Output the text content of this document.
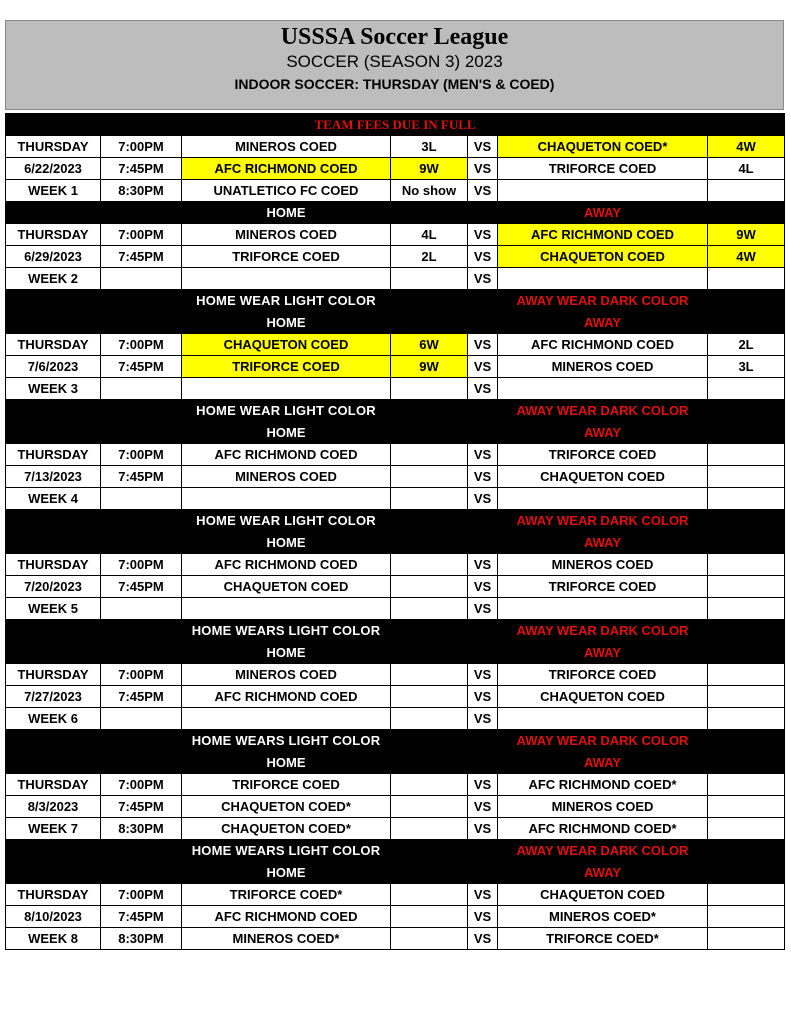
USSSA Soccer League
SOCCER (SEASON 3) 2023
INDOOR SOCCER: THURSDAY (MEN'S & COED)
TEAM FEES DUE IN FULL						
THURSDAY	7:00PM	MINEROS COED	3L	VS	CHAQUETON COED*	4W
6/22/2023	7:45PM	AFC RICHMOND COED	9W	VS	TRIFORCE COED	4L
WEEK 1	8:30PM	UNATLETICO FC COED	No show	VS		
		HOME			AWAY	
THURSDAY	7:00PM	MINEROS COED	4L	VS	AFC RICHMOND COED	9W
6/29/2023	7:45PM	TRIFORCE COED	2L	VS	CHAQUETON COED	4W
WEEK 2				VS		
		HOME WEAR LIGHT COLOR			AWAY WEAR DARK COLOR	
		HOME			AWAY	
THURSDAY	7:00PM	CHAQUETON COED	6W	VS	AFC RICHMOND COED	2L
7/6/2023	7:45PM	TRIFORCE COED	9W	VS	MINEROS COED	3L
WEEK 3				VS		
		HOME WEAR LIGHT COLOR			AWAY WEAR DARK COLOR	
		HOME			AWAY	
THURSDAY	7:00PM	AFC RICHMOND COED		VS	TRIFORCE COED	
7/13/2023	7:45PM	MINEROS COED		VS	CHAQUETON COED	
WEEK 4				VS		
		HOME WEAR LIGHT COLOR			AWAY WEAR DARK COLOR	
		HOME			AWAY	
THURSDAY	7:00PM	AFC RICHMOND COED		VS	MINEROS COED	
7/20/2023	7:45PM	CHAQUETON COED		VS	TRIFORCE COED	
WEEK 5				VS		
		HOME WEARS LIGHT COLOR			AWAY WEAR DARK COLOR	
		HOME			AWAY	
THURSDAY	7:00PM	MINEROS COED		VS	TRIFORCE COED	
7/27/2023	7:45PM	AFC RICHMOND COED		VS	CHAQUETON COED	
WEEK 6				VS		
		HOME WEARS LIGHT COLOR			AWAY WEAR DARK COLOR	
		HOME			AWAY	
THURSDAY	7:00PM	TRIFORCE COED		VS	AFC RICHMOND COED*	
8/3/2023	7:45PM	CHAQUETON COED*		VS	MINEROS COED	
WEEK 7	8:30PM	CHAQUETON COED*		VS	AFC RICHMOND COED*	
		HOME WEARS LIGHT COLOR			AWAY WEAR DARK COLOR	
		HOME			AWAY	
THURSDAY	7:00PM	TRIFORCE COED*		VS	CHAQUETON COED	
8/10/2023	7:45PM	AFC RICHMOND COED		VS	MINEROS COED*	
WEEK 8	8:30PM	MINEROS COED*		VS	TRIFORCE COED*	
